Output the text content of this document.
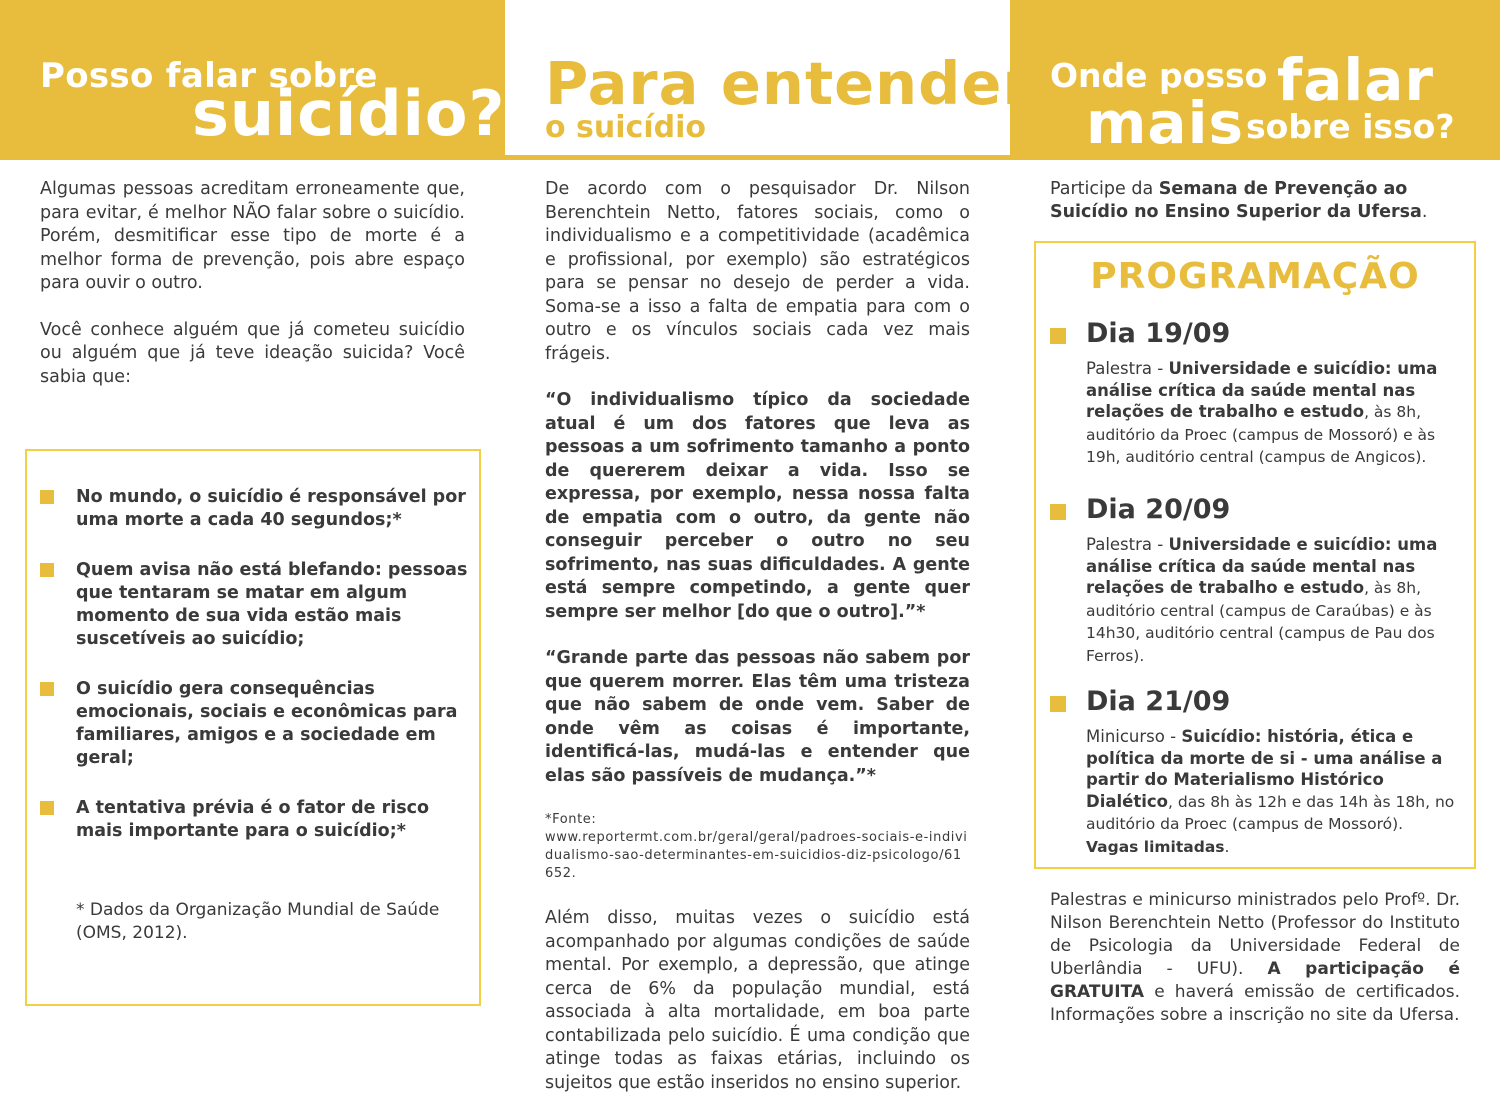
Posso falar sobre
suicídio? Para entender
o suicídio
Onde posso falar
mais sobre isso?

Algumas pessoas acreditam erroneamente que, para evitar, é melhor NÃO falar sobre o suicídio. Porém, desmitificar esse tipo de morte é a melhor forma de prevenção, pois abre espaço para ouvir o outro.

Você conhece alguém que já cometeu suicídio ou alguém que já teve ideação suicida? Você sabia que:

No mundo, o suicídio é responsável por uma morte a cada 40 segundos;*
Quem avisa não está blefando: pessoas que tentaram se matar em algum momento de sua vida estão mais suscetíveis ao suicídio;
O suicídio gera consequências emocionais, sociais e econômicas para familiares, amigos e a sociedade em geral;
A tentativa prévia é o fator de risco mais importante para o suicídio;*
* Dados da Organização Mundial de Saúde (OMS, 2012).

De acordo com o pesquisador Dr. Nilson Berenchtein Netto, fatores sociais, como o individualismo e a competitividade (acadêmica e profissional, por exemplo) são estratégicos para se pensar no desejo de perder a vida. Soma-se a isso a falta de empatia para com o outro e os vínculos sociais cada vez mais frágeis.

“O individualismo típico da sociedade atual é um dos fatores que leva as pessoas a um sofrimento tamanho a ponto de quererem deixar a vida. Isso se expressa, por exemplo, nessa nossa falta de empatia com o outro, da gente não conseguir perceber o outro no seu sofrimento, nas suas dificuldades. A gente está sempre competindo, a gente quer sempre ser melhor [do que o outro].”*

“Grande parte das pessoas não sabem por que querem morrer. Elas têm uma tristeza que não sabem de onde vem. Saber de onde vêm as coisas é importante, identificá-las, mudá-las e entender que elas são passíveis de mudança.”*

*Fonte:
www.reportermt.com.br/geral/geral/padroes-sociais-e-individualismo-sao-determinantes-em-suicidios-diz-psicologo/61652.

Além disso, muitas vezes o suicídio está acompanhado por algumas condições de saúde mental. Por exemplo, a depressão, que atinge cerca de 6% da população mundial, está associada à alta mortalidade, em boa parte contabilizada pelo suicídio. É uma condição que atinge todas as faixas etárias, incluindo os sujeitos que estão inseridos no ensino superior.

Participe da Semana de Prevenção ao Suicídio no Ensino Superior da Ufersa.
PROGRAMAÇÃO
Dia 19/09
Palestra - Universidade e suicídio: uma análise crítica da saúde mental nas relações de trabalho e estudo, às 8h, auditório da Proec (campus de Mossoró) e às 19h, auditório central (campus de Angicos).
Dia 20/09
Palestra - Universidade e suicídio: uma análise crítica da saúde mental nas relações de trabalho e estudo, às 8h, auditório central (campus de Caraúbas) e às 14h30, auditório central (campus de Pau dos Ferros).
Dia 21/09
Minicurso - Suicídio: história, ética e política da morte de si - uma análise a partir do Materialismo Histórico Dialético, das 8h às 12h e das 14h às 18h, no auditório da Proec (campus de Mossoró). Vagas limitadas.
Palestras e minicurso ministrados pelo Profº. Dr. Nilson Berenchtein Netto (Professor do Instituto de Psicologia da Universidade Federal de Uberlândia - UFU). A participação é GRATUITA e haverá emissão de certificados. Informações sobre a inscrição no site da Ufersa.
